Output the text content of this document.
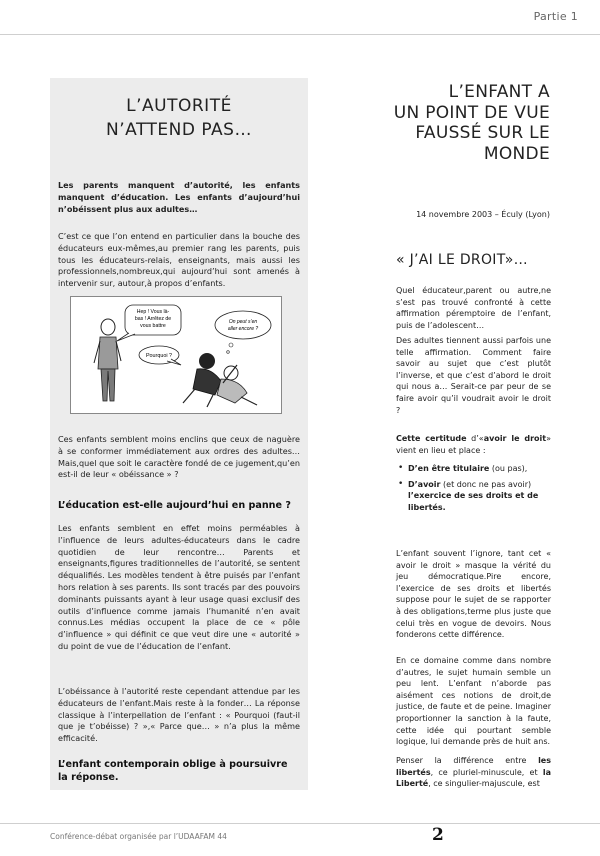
Partie 1
L’AUTORITÉ
N’ATTEND PAS…
Les parents manquent d’autorité, les enfants manquent d’éducation. Les enfants d’aujourd’hui n’obéissent plus aux adultes…
C’est ce que l’on entend en particulier dans la bouche des éducateurs eux-mêmes,au premier rang les parents, puis tous les éducateurs-relais, enseignants, mais aussi les professionnels,nombreux,qui aujourd’hui sont amenés à intervenir sur, autour,à propos d’enfants.
Hep ! Vous là-
bas ! Arrêtez de
vous battre
On peut s’en
aller encore ?
Pourquoi ?
Ces enfants semblent moins enclins que ceux de naguère à se conformer immédiatement aux ordres des adultes… Mais,quel que soit le caractère fondé de ce jugement,qu’en est-il de leur « obéissance » ?
L’éducation est-elle aujourd’hui en panne ?
Les enfants semblent en effet moins perméables à l’influence de leurs adultes-éducateurs dans le cadre quotidien de leur rencontre… Parents et enseignants,figures traditionnelles de l’autorité, se sentent déqualifiés. Les modèles tendent à être puisés par l’enfant hors relation à ses parents. Ils sont tracés par des pouvoirs dominants puissants ayant à leur usage quasi exclusif des outils d’influence comme jamais l’humanité n’en avait connus.Les médias occupent la place de ce « pôle d’influence » qui définit ce que veut dire une « autorité » du point de vue de l’éducation de l’enfant.
L’obéissance à l’autorité reste cependant attendue par les éducateurs de l’enfant.Mais reste à la fonder… La réponse classique à l’interpellation de l’enfant : « Pourquoi (faut-il que je t’obéisse) ? »,« Parce que… » n’a plus la même efficacité.
L’enfant contemporain oblige à poursuivre la réponse.
L’ENFANT A
UN POINT DE VUE
FAUSSÉ SUR LE
MONDE
14 novembre 2003 – Éculy (Lyon)
« J’AI LE DROIT»…
Quel éducateur,parent ou autre,ne s’est pas trouvé confronté à cette affirmation péremptoire de l’enfant, puis de l’adolescent…
Des adultes tiennent aussi parfois une telle affirmation. Comment faire savoir au sujet que c’est plutôt l’inverse, et que c’est d’abord le droit qui nous a… Serait-ce par peur de se faire avoir qu’il voudrait avoir le droit ?
Cette certitude d’«avoir le droit» vient en lieu et place :
• D’en être titulaire (ou pas),
• D’avoir (et donc ne pas avoir) l’exercice de ses droits et de libertés.
L’enfant souvent l’ignore, tant cet « avoir le droit » masque la vérité du jeu démocratique.Pire encore, l’exercice de ses droits et libertés suppose pour le sujet de se rapporter à des obligations,terme plus juste que celui très en vogue de devoirs. Nous fonderons cette différence.
En ce domaine comme dans nombre d’autres, le sujet humain semble un peu lent. L’enfant n’aborde pas aisément ces notions de droit,de justice, de faute et de peine. Imaginer proportionner la sanction à la faute, cette idée qui pourtant semble logique, lui demande près de huit ans.
Penser la différence entre les libertés, ce pluriel-minuscule, et la Liberté, ce singulier-majuscule, est
Conférence-débat organisée par l’UDAAFAM 44	2
